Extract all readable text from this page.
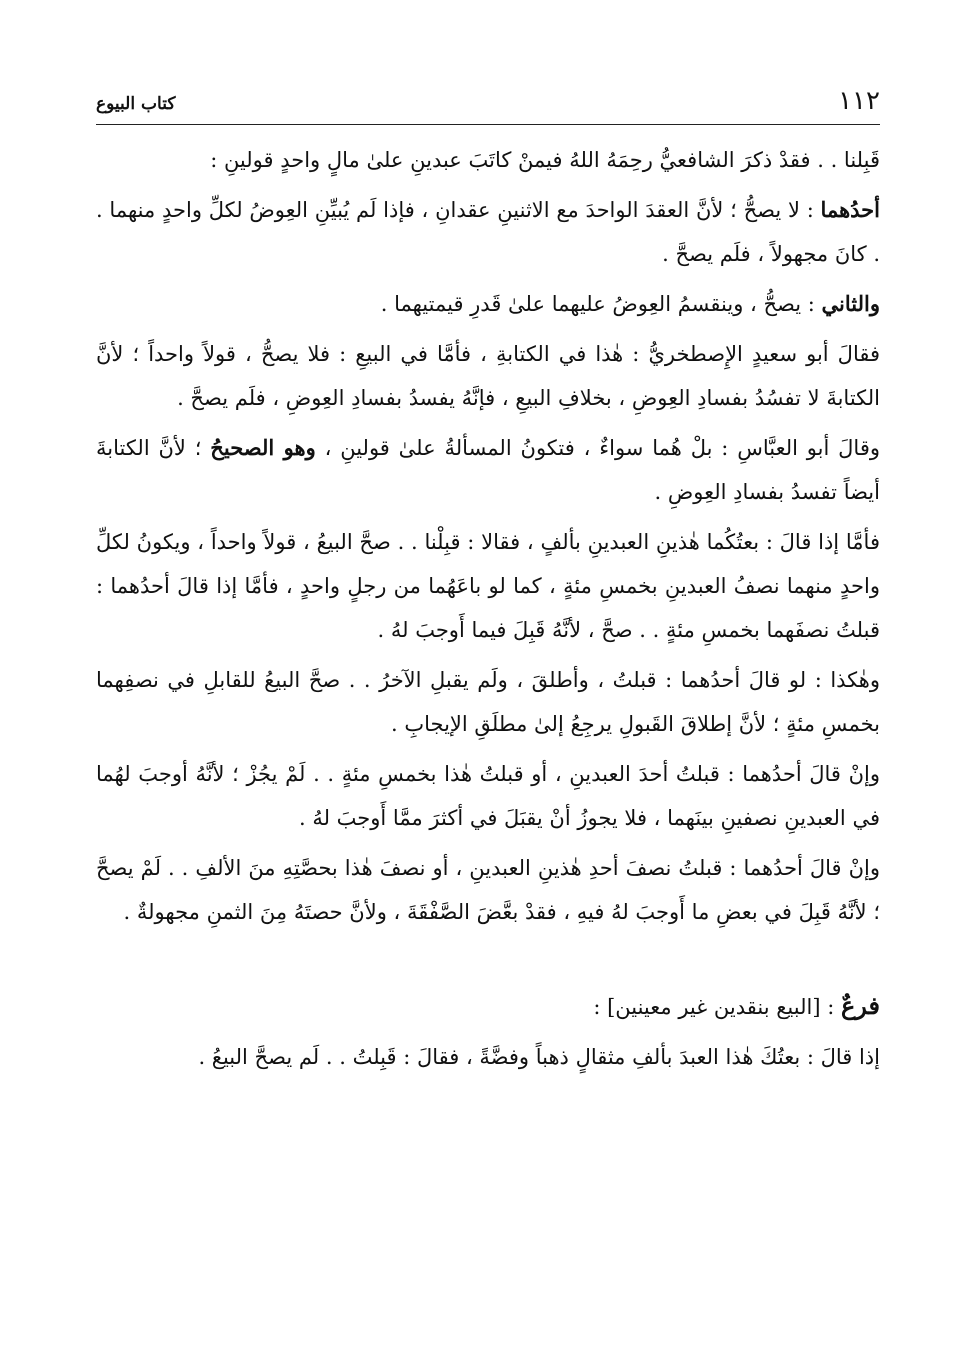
١١٢
كتاب البيوع

قَبِلنا . . فقدْ ذكرَ الشافعيُّ رحِمَهُ اللهُ فيمنْ كاتَبَ عبدينِ علىٰ مالٍ واحدٍ قولينِ :

أحدُهما : لا يصحُّ ؛ لأنَّ العقدَ الواحدَ مع الاثنينِ عقدانِ ، فإذا لَم يُبيِّنِ العِوضُ لكلِّ واحدٍ منهما . . كانَ مجهولاً ، فلَم يصحَّ .

والثاني : يصحُّ ، وينقسمُ العِوضُ عليهما علىٰ قَدرِ قيمتيهما .

فقالَ أبو سعيدٍ الإِصطخريُّ : هٰذا في الكتابةِ ، فأمَّا في البيعِ : فلا يصحُّ ، قولاً واحداً ؛ لأنَّ الكتابةَ لا تفسُدُ بفسادِ العِوضِ ، بخلافِ البيعِ ، فإنَّهُ يفسدُ بفسادِ العِوضِ ، فلَم يصحَّ .

وقالَ أبو العبَّاسِ : بلْ هُما سواءٌ ، فتكونُ المسألةُ علىٰ قولينِ ، وهو الصحيحُ ؛ لأنَّ الكتابةَ أيضاً تفسدُ بفسادِ العِوضِ .

فأمَّا إذا قالَ : بعتُكُما هٰذينِ العبدينِ بألفٍ ، فقالا : قبِلْنا . . صحَّ البيعُ ، قولاً واحداً ، ويكونُ لكلِّ واحدٍ منهما نصفُ العبدينِ بخمسِ مئةٍ ، كما لو باعَهُما من رجلٍ واحدٍ ، فأمَّا إذا قالَ أحدُهما : قبلتُ نصفَهما بخمسِ مئةٍ . . صحَّ ، لأنَّهُ قَبِلَ فيما أَوجبَ لهُ .

وهٰكذا : لو قالَ أحدُهما : قبلتُ ، وأطلقَ ، ولَم يقبلِ الآخرُ . . صحَّ البيعُ للقابلِ في نصفِهما بخمسِ مئةٍ ؛ لأنَّ إطلاقَ القَبولِ يرجِعُ إلىٰ مطلَقِ الإيجابِ .

وإنْ قالَ أحدُهما : قبلتُ أحدَ العبدينِ ، أو قبلتُ هٰذا بخمسِ مئةٍ . . لَمْ يجُزْ ؛ لأنَّهُ أوجبَ لهُما في العبدينِ نصفينِ بينَهما ، فلا يجوزُ أنْ يقبَلَ في أكثرَ ممَّا أَوجبَ لهُ .

وإنْ قالَ أحدُهما : قبلتُ نصفَ أحدِ هٰذينِ العبدينِ ، أو نصفَ هٰذا بحصَّتِهِ منَ الألفِ . . لَمْ يصحَّ ؛ لأنَّهُ قَبِلَ في بعضِ ما أَوجبَ لهُ فيهِ ، فقدْ بعَّضَ الصَّفْقَةَ ، ولأنَّ حصتَهُ مِنَ الثمنِ مجهولةٌ .

فرعٌ : [البيع بنقدين غير معينين] :

إذا قالَ : بعتُكَ هٰذا العبدَ بألفِ مثقالٍ ذهباً وفضَّةً ، فقالَ : قَبِلتُ . . لَم يصحَّ البيعُ .
